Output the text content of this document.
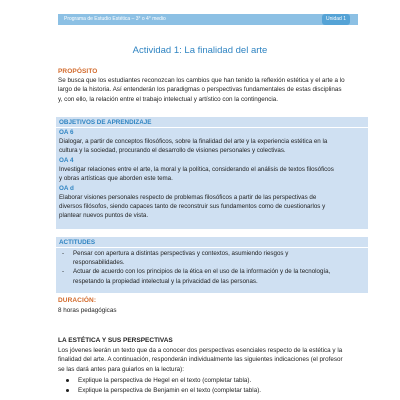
Programa de Estudio Estética – 3° o 4° medio	Unidad 1
Actividad 1: La finalidad del arte
PROPÓSITO
Se busca que los estudiantes reconozcan los cambios que han tenido la reflexión estética y el arte a lo
largo de la historia. Así entenderán los paradigmas o perspectivas fundamentales de estas disciplinas
y, con ello, la relación entre el trabajo intelectual y artístico con la contingencia.
OBJETIVOS DE APRENDIZAJE
OA 6
Dialogar, a partir de conceptos filosóficos, sobre la finalidad del arte y la experiencia estética en la
cultura y la sociedad, procurando el desarrollo de visiones personales y colectivas.
OA 4
Investigar relaciones entre el arte, la moral y la política, considerando el análisis de textos filosóficos
y obras artísticas que aborden este tema.
OA d
Elaborar visiones personales respecto de problemas filosóficos a partir de las perspectivas de
diversos filósofos, siendo capaces tanto de reconstruir sus fundamentos como de cuestionarlos y
plantear nuevos puntos de vista.
ACTITUDES
- Pensar con apertura a distintas perspectivas y contextos, asumiendo riesgos y
responsabilidades.
- Actuar de acuerdo con los principios de la ética en el uso de la información y de la tecnología,
respetando la propiedad intelectual y la privacidad de las personas.
DURACIÓN:
8 horas pedagógicas
LA ESTÉTICA Y SUS PERSPECTIVAS
Los jóvenes leerán un texto que da a conocer dos perspectivas esenciales respecto de la estética y la
finalidad del arte. A continuación, responderán individualmente las siguientes indicaciones (el profesor
se las dará antes para guiarlos en la lectura):
Explique la perspectiva de Hegel en el texto (completar tabla).
Explique la perspectiva de Benjamin en el texto (completar tabla).
